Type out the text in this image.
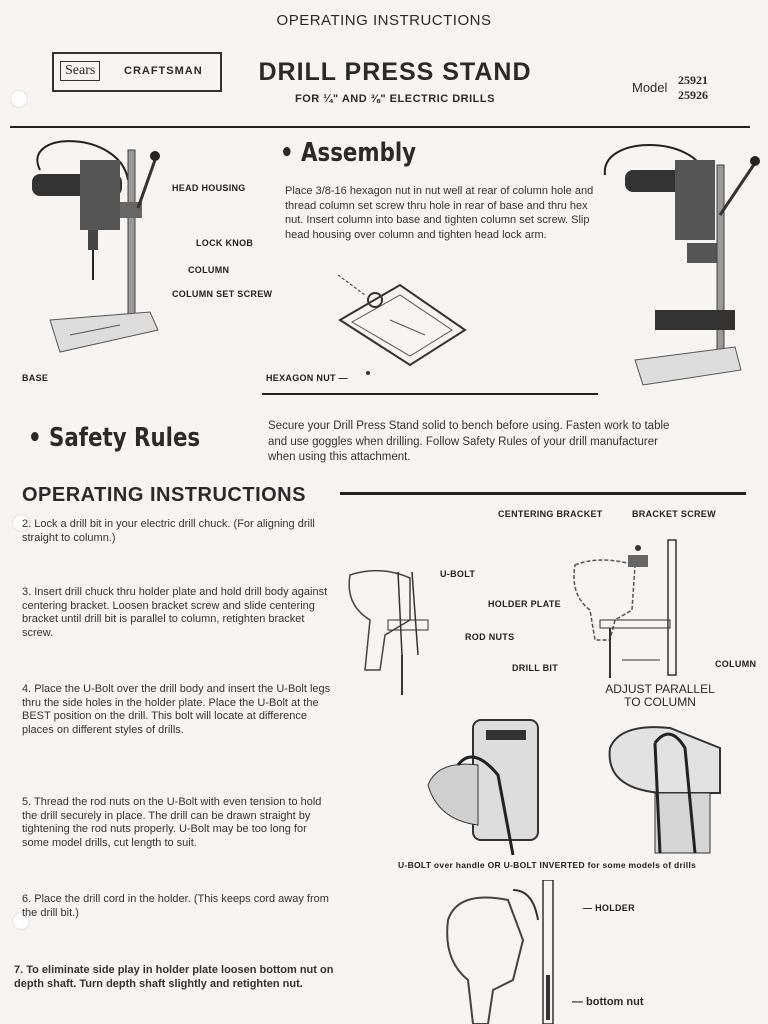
OPERATING INSTRUCTIONS
Sears	CRAFTSMAN	DRILL PRESS STAND
FOR ¼" AND ⅜" ELECTRIC DRILLS
Model 25921
25926
• Assembly
Place 3/8-16 hexagon nut in nut well at rear of column hole and thread column set screw thru hole in rear of base and thru hex nut. Insert column into base and tighten column set screw. Slip head housing over column and tighten head lock arm.
HEAD HOUSING
LOCK KNOB
COLUMN
COLUMN SET SCREW
BASE	HEXAGON NUT —
• Safety Rules	Secure your Drill Press Stand solid to bench before using. Fasten work to table and use goggles when drilling. Follow Safety Rules of your drill manufacturer when using this attachment.
OPERATING INSTRUCTIONS
2. Lock a drill bit in your electric drill chuck. (For aligning drill straight to column.)
3. Insert drill chuck thru holder plate and hold drill body against centering bracket. Loosen bracket screw and slide centering bracket until drill bit is parallel to column, retighten bracket screw.
4. Place the U-Bolt over the drill body and insert the U-Bolt legs thru the side holes in the holder plate. Place the U-Bolt at the BEST position on the drill. This bolt will locate at difference places on different styles of drills.
5. Thread the rod nuts on the U-Bolt with even tension to hold the drill securely in place. The drill can be drawn straight by tightening the rod nuts properly. U-Bolt may be too long for some model drills, cut length to suit.
6. Place the drill cord in the holder. (This keeps cord away from the drill bit.)
7. To eliminate side play in holder plate loosen bottom nut on depth shaft. Turn depth shaft slightly and retighten nut.
CENTERING BRACKET	BRACKET SCREW
U-BOLT
HOLDER PLATE
ROD NUTS
DRILL BIT	COLUMN
ADJUST PARALLEL
TO COLUMN
U-BOLT over handle OR U-BOLT INVERTED for some models of drills
— HOLDER
— bottom nut
